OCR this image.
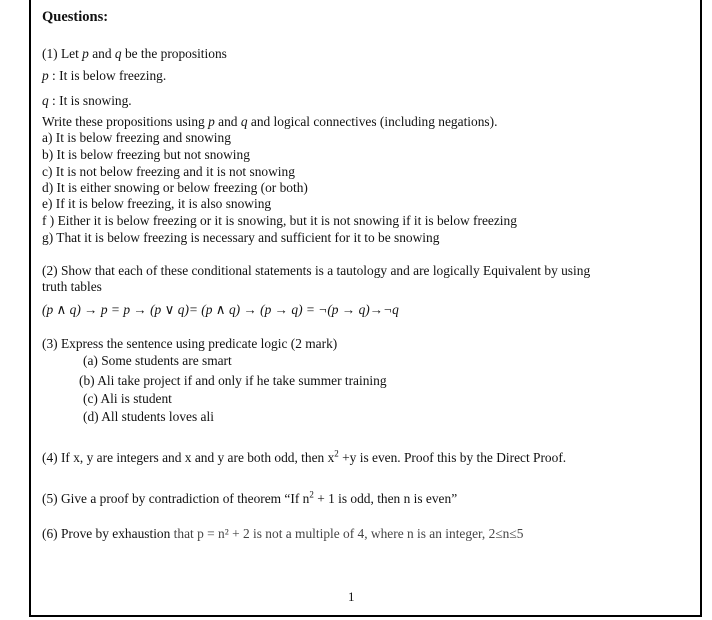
Questions:
(1) Let p and q be the propositions
p : It is below freezing.
q : It is snowing.
Write these propositions using p and q and logical connectives (including negations).
a) It is below freezing and snowing
b) It is below freezing but not snowing
c) It is not below freezing and it is not snowing
d) It is either snowing or below freezing (or both)
e) If it is below freezing, it is also snowing
f ) Either it is below freezing or it is snowing, but it is not snowing if it is below freezing
g) That it is below freezing is necessary and sufficient for it to be snowing
(2) Show that each of these conditional statements is a tautology and are logically Equivalent by using
truth tables
(p ∧ q) → p = p → (p ∨ q)= (p ∧ q) → (p → q) = ¬(p → q)→¬q
(3) Express the sentence using predicate logic (2 mark)
(a) Some students are smart
(b) Ali take project if and only if he take summer training
(c) Ali is student
(d) All students loves ali
(4) If x, y are integers and x and y are both odd, then $x^2 +y$ is even. Proof this by the Direct Proof.
(5) Give a proof by contradiction of theorem “If $n^2 + 1$ is odd, then n is even”
(6) Prove by exhaustion that p = n² + 2 is not a multiple of 4, where n is an integer, 2≤n≤5
1
